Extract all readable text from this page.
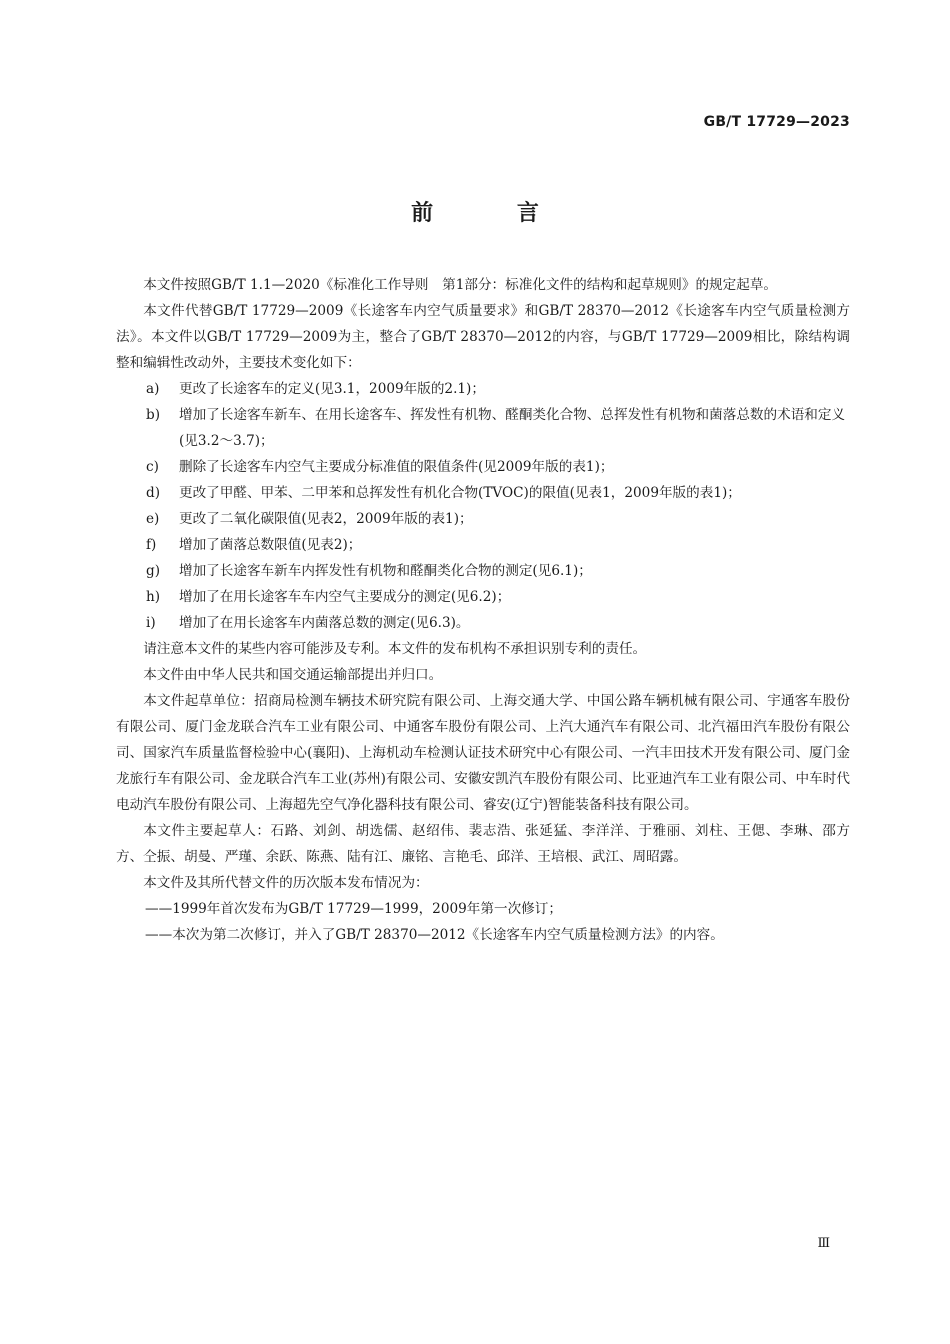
GB/T 17729—2023
前 言

本文件按照GB/T 1.1—2020《标准化工作导则　第1部分：标准化文件的结构和起草规则》的规定起草。

本文件代替GB/T 17729—2009《长途客车内空气质量要求》和GB/T 28370—2012《长途客车内空气质量检测方法》。本文件以GB/T 17729—2009为主，整合了GB/T 28370—2012的内容，与GB/T 17729—2009相比，除结构调整和编辑性改动外，主要技术变化如下：

a) 更改了长途客车的定义(见3.1，2009年版的2.1)；

b) 增加了长途客车新车、在用长途客车、挥发性有机物、醛酮类化合物、总挥发性有机物和菌落总数的术语和定义(见3.2～3.7)；

c) 删除了长途客车内空气主要成分标准值的限值条件(见2009年版的表1)；

d) 更改了甲醛、甲苯、二甲苯和总挥发性有机化合物(TVOC)的限值(见表1，2009年版的表1)；

e) 更改了二氧化碳限值(见表2，2009年版的表1)；

f) 增加了菌落总数限值(见表2)；

g) 增加了长途客车新车内挥发性有机物和醛酮类化合物的测定(见6.1)；

h) 增加了在用长途客车车内空气主要成分的测定(见6.2)；

i) 增加了在用长途客车内菌落总数的测定(见6.3)。

请注意本文件的某些内容可能涉及专利。本文件的发布机构不承担识别专利的责任。

本文件由中华人民共和国交通运输部提出并归口。

本文件起草单位：招商局检测车辆技术研究院有限公司、上海交通大学、中国公路车辆机械有限公司、宇通客车股份有限公司、厦门金龙联合汽车工业有限公司、中通客车股份有限公司、上汽大通汽车有限公司、北汽福田汽车股份有限公司、国家汽车质量监督检验中心(襄阳)、上海机动车检测认证技术研究中心有限公司、一汽丰田技术开发有限公司、厦门金龙旅行车有限公司、金龙联合汽车工业(苏州)有限公司、安徽安凯汽车股份有限公司、比亚迪汽车工业有限公司、中车时代电动汽车股份有限公司、上海超先空气净化器科技有限公司、睿安(辽宁)智能装备科技有限公司。

本文件主要起草人：石路、刘剑、胡选儒、赵绍伟、裴志浩、张延猛、李洋洋、于雅丽、刘柱、王偲、李琳、邵方方、仝振、胡曼、严瑾、余跃、陈燕、陆有江、廉铭、言艳毛、邱洋、王培根、武江、周昭露。

本文件及其所代替文件的历次版本发布情况为：

——1999年首次发布为GB/T 17729—1999，2009年第一次修订；

——本次为第二次修订，并入了GB/T 28370—2012《长途客车内空气质量检测方法》的内容。

Ⅲ
